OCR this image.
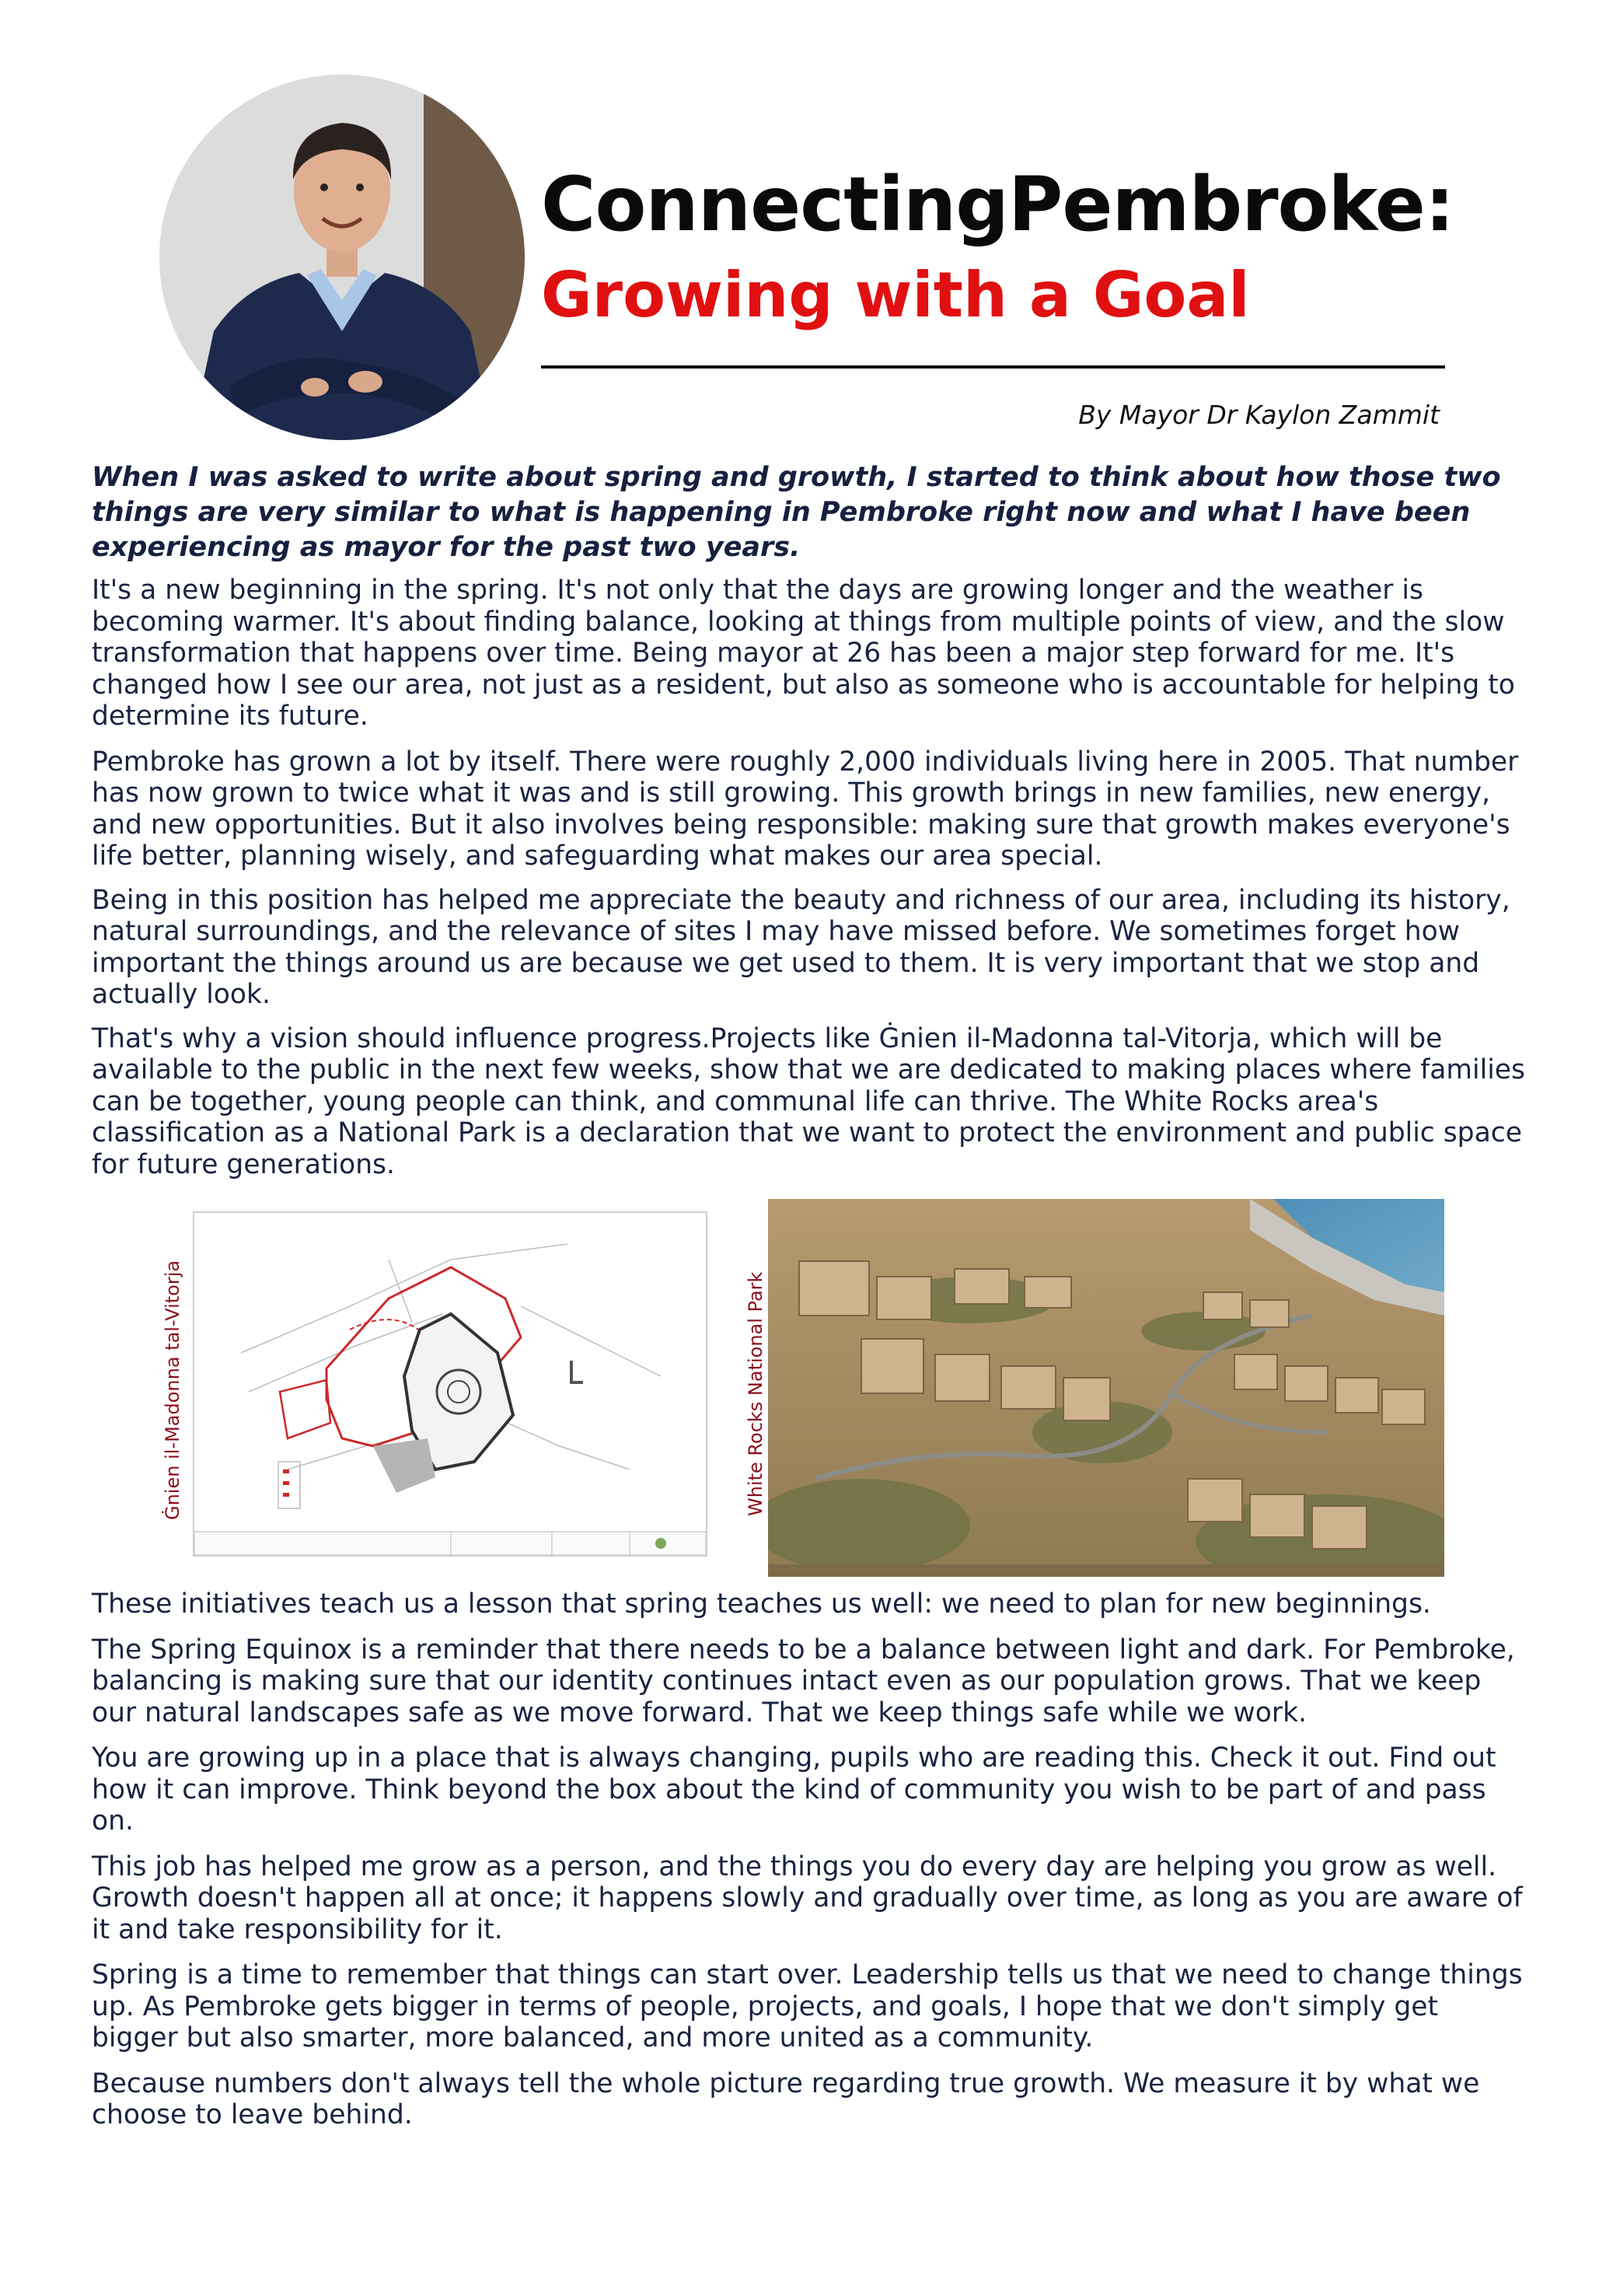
ConnectingPembroke:
Growing with a Goal
By Mayor Dr Kaylon Zammit

When I was asked to write about spring and growth, I started to think about how those two things are very similar to what is happening in Pembroke right now and what I have been experiencing as mayor for the past two years.

It's a new beginning in the spring. It's not only that the days are growing longer and the weather is becoming warmer. It's about finding balance, looking at things from multiple points of view, and the slow transformation that happens over time. Being mayor at 26 has been a major step forward for me. It's changed how I see our area, not just as a resident, but also as someone who is accountable for helping to determine its future.

Pembroke has grown a lot by itself. There were roughly 2,000 individuals living here in 2005. That number has now grown to twice what it was and is still growing. This growth brings in new families, new energy, and new opportunities. But it also involves being responsible: making sure that growth makes everyone's life better, planning wisely, and safeguarding what makes our area special.

Being in this position has helped me appreciate the beauty and richness of our area, including its history, natural surroundings, and the relevance of sites I may have missed before. We sometimes forget how important the things around us are because we get used to them. It is very important that we stop and actually look.

That's why a vision should influence progress.Projects like Ġnien il-Madonna tal-Vitorja, which will be available to the public in the next few weeks, show that we are dedicated to making places where families can be together, young people can think, and communal life can thrive. The White Rocks area's classification as a National Park is a declaration that we want to protect the environment and public space for future generations.

Ġnien il-Madonna tal-Vitorja	White Rocks National Park

These initiatives teach us a lesson that spring teaches us well: we need to plan for new beginnings.

The Spring Equinox is a reminder that there needs to be a balance between light and dark. For Pembroke, balancing is making sure that our identity continues intact even as our population grows. That we keep our natural landscapes safe as we move forward. That we keep things safe while we work.

You are growing up in a place that is always changing, pupils who are reading this. Check it out. Find out how it can improve. Think beyond the box about the kind of community you wish to be part of and pass on.

This job has helped me grow as a person, and the things you do every day are helping you grow as well. Growth doesn't happen all at once; it happens slowly and gradually over time, as long as you are aware of it and take responsibility for it.

Spring is a time to remember that things can start over. Leadership tells us that we need to change things up. As Pembroke gets bigger in terms of people, projects, and goals, I hope that we don't simply get bigger but also smarter, more balanced, and more united as a community.

Because numbers don't always tell the whole picture regarding true growth. We measure it by what we choose to leave behind.
